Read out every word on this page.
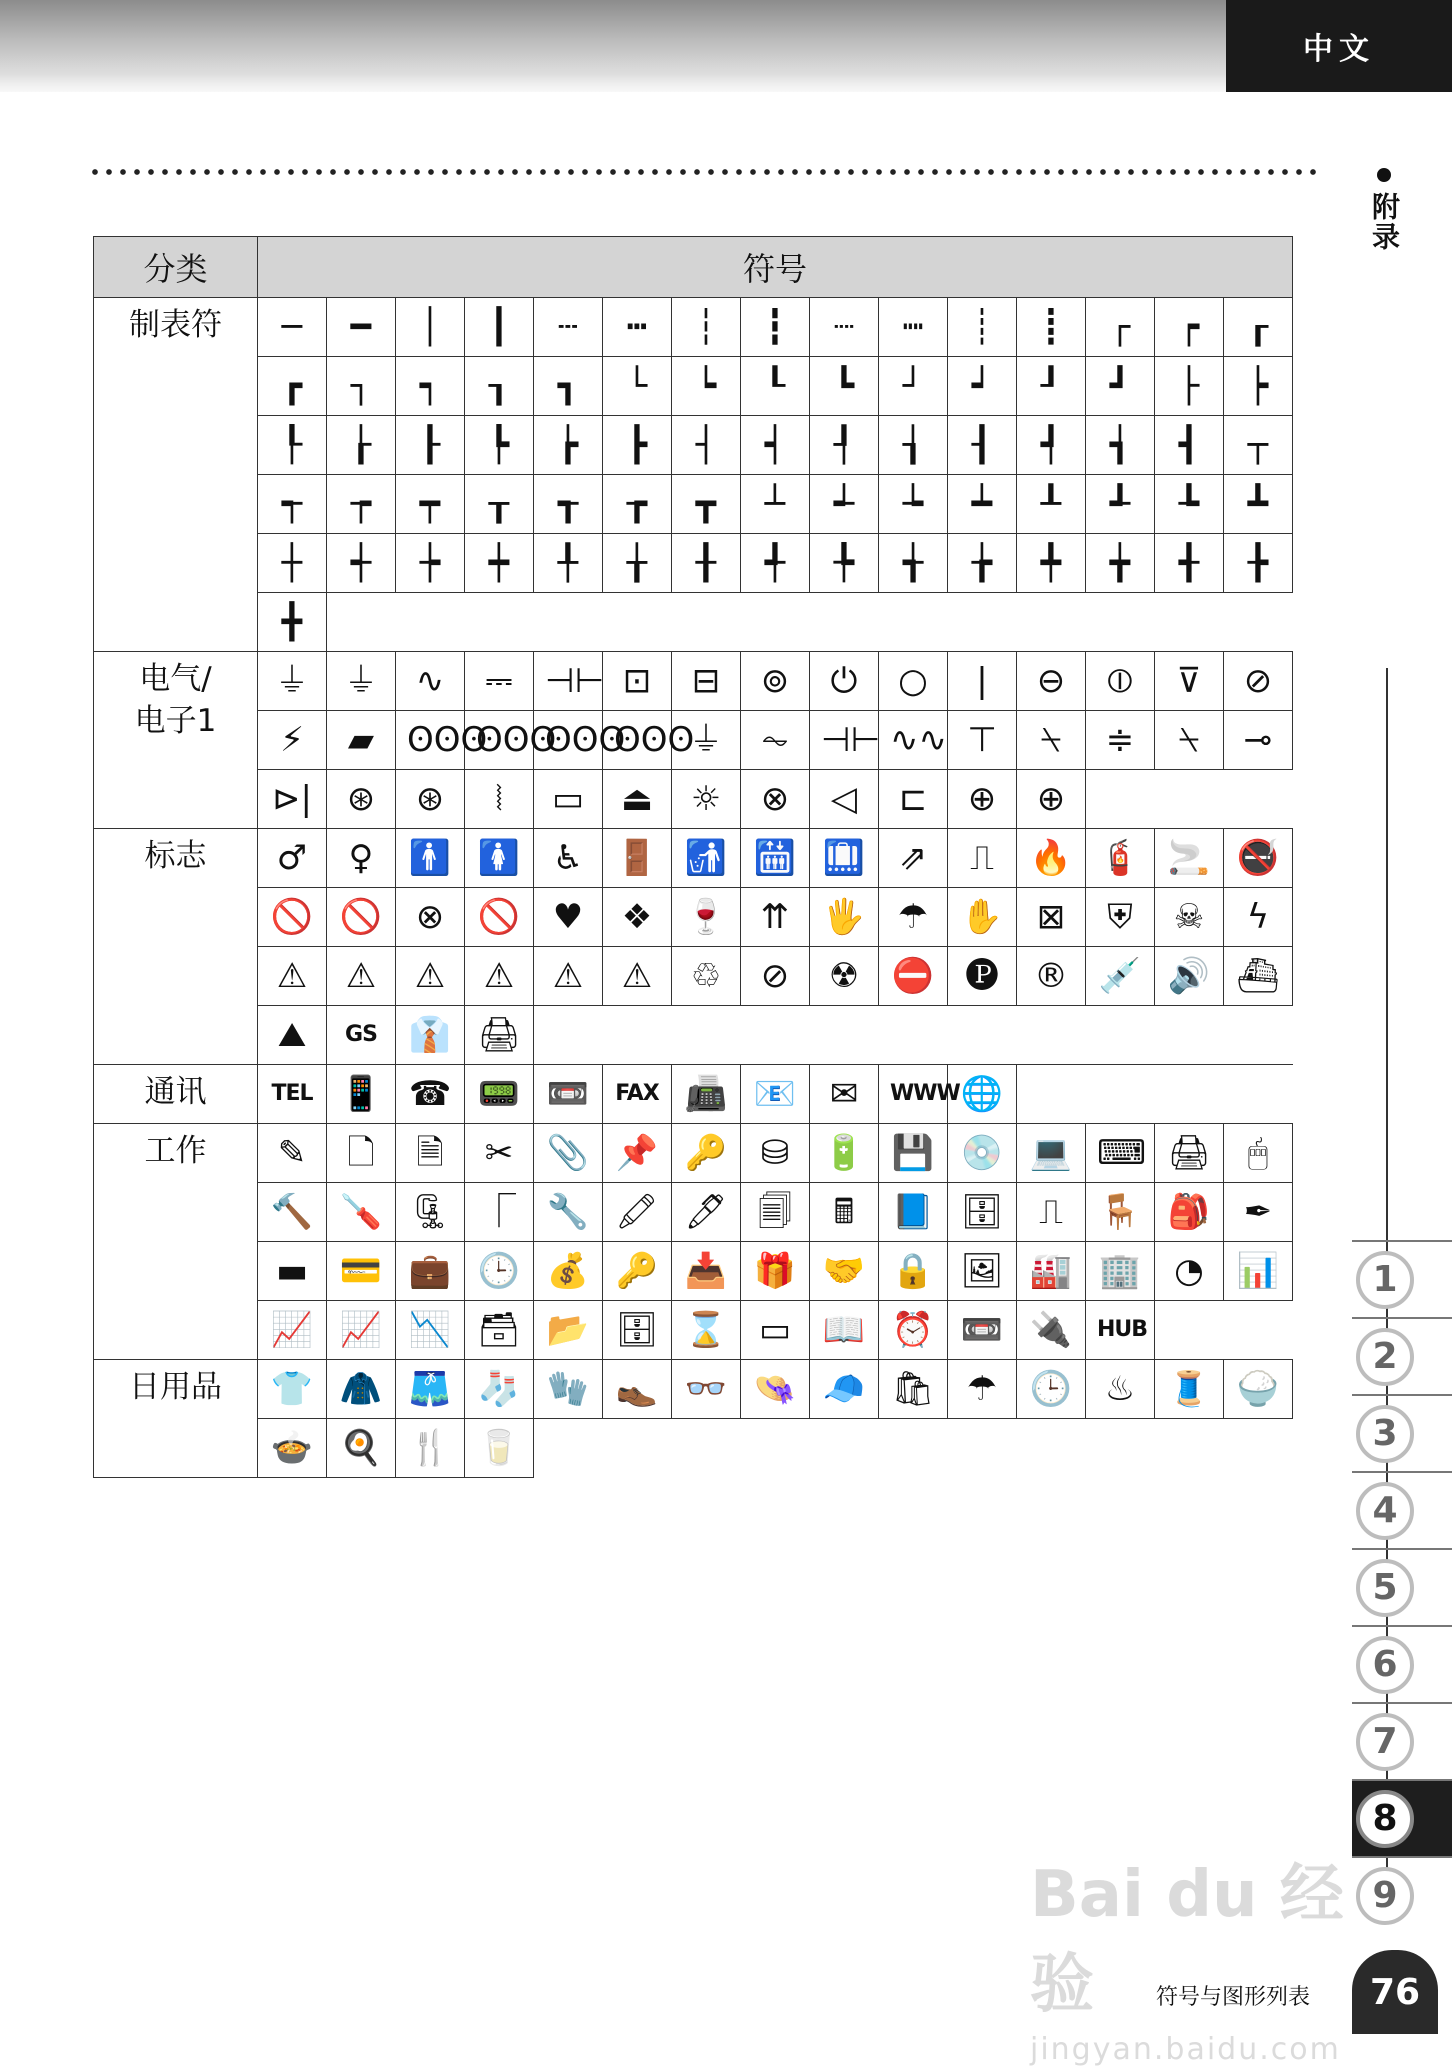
中文
附录
分类	符号														
制表符	─	━	│	┃	┄	┅	┆	┇	┈	┉	┊	┋	┌	┍	┎

	┏	┐	┑	┒	┓	└	┕	┖	┗	┘	┙	┚	┛	├	┝

	┞	┟	┠	┡	┢	┣	┤	┥	┦	┧	┨	┩	┪	┫	┬

	┭	┮	┯	┰	┱	┲	┳	┴	┵	┶	┷	┸	┹	┺	┻

	┼	┽	┾	┿	╀	╁	╂	╃	╄	╅	╆	╇	╈	╉	╊

	╋														

电气/
电子1	⏚	⏚	∿	⎓	⊣⊢	⊡	⊟	⊚	⏻	○	|	⊖	⦶	⊽	⊘

	⚡	▰	ʘʘʘ	ʘʘʘ	ʘʘʘ	ʘʘʘ	⏚	⏦	⊣⊢	∿∿	⊤	⍀	≑	⍀	⊸

	⊳|	⊛	⊛	⦚	▭	⏏	☼	⊗	◁	⊏	⊕	⊕			

标志	♂	♀	🚹	🚺	♿	🚪	🚮	🛗	🛄	⇗	⎍	🔥	🧯	🚬	🚭

	🚫	🚫	⊗	🚫	♥	❖	🍷	⇈	🖐	☂	✋	⊠	⛨	☠	ϟ

	⚠	⚠	⚠	⚠	⚠	⚠	♲	⊘	☢	⛔	🅟	®	💉	🔊	⛴

	⛰	GS	👔	🖨											

通讯	TEL	📱	☎	📟	📼	FAX	📠	📧	✉	WWW	🌐				

工作	✎	🗋	🗎	✂	📎	📌	🔑	⛁	🔋	💾	💿	💻	⌨	🖨	🖱

	🔨	🪛	🗜	⎾	🔧	🖍	🖊	🗐	🖩	📘	🗄	⎍	🪑	🎒	✒

	▬	💳	💼	🕒	💰	🔑	📥	🎁	🤝	🔒	🖼	🏭	🏢	◔	📊

	📈	📈	📉	🗃	📂	🗄	⌛	▭	📖	⏰	📼	🔌	HUB		

日用品	👕	🧥	🩳	🧦	🧤	👞	👓	👒	🧢	🛍	☂	🕒	♨	🧵	🍚

	🍲	🍳	🍴	🥛											

1
2
3
4
5
6
7
8
9
Bai du 经验
jingyan.baidu.com
符号与图形列表	76
